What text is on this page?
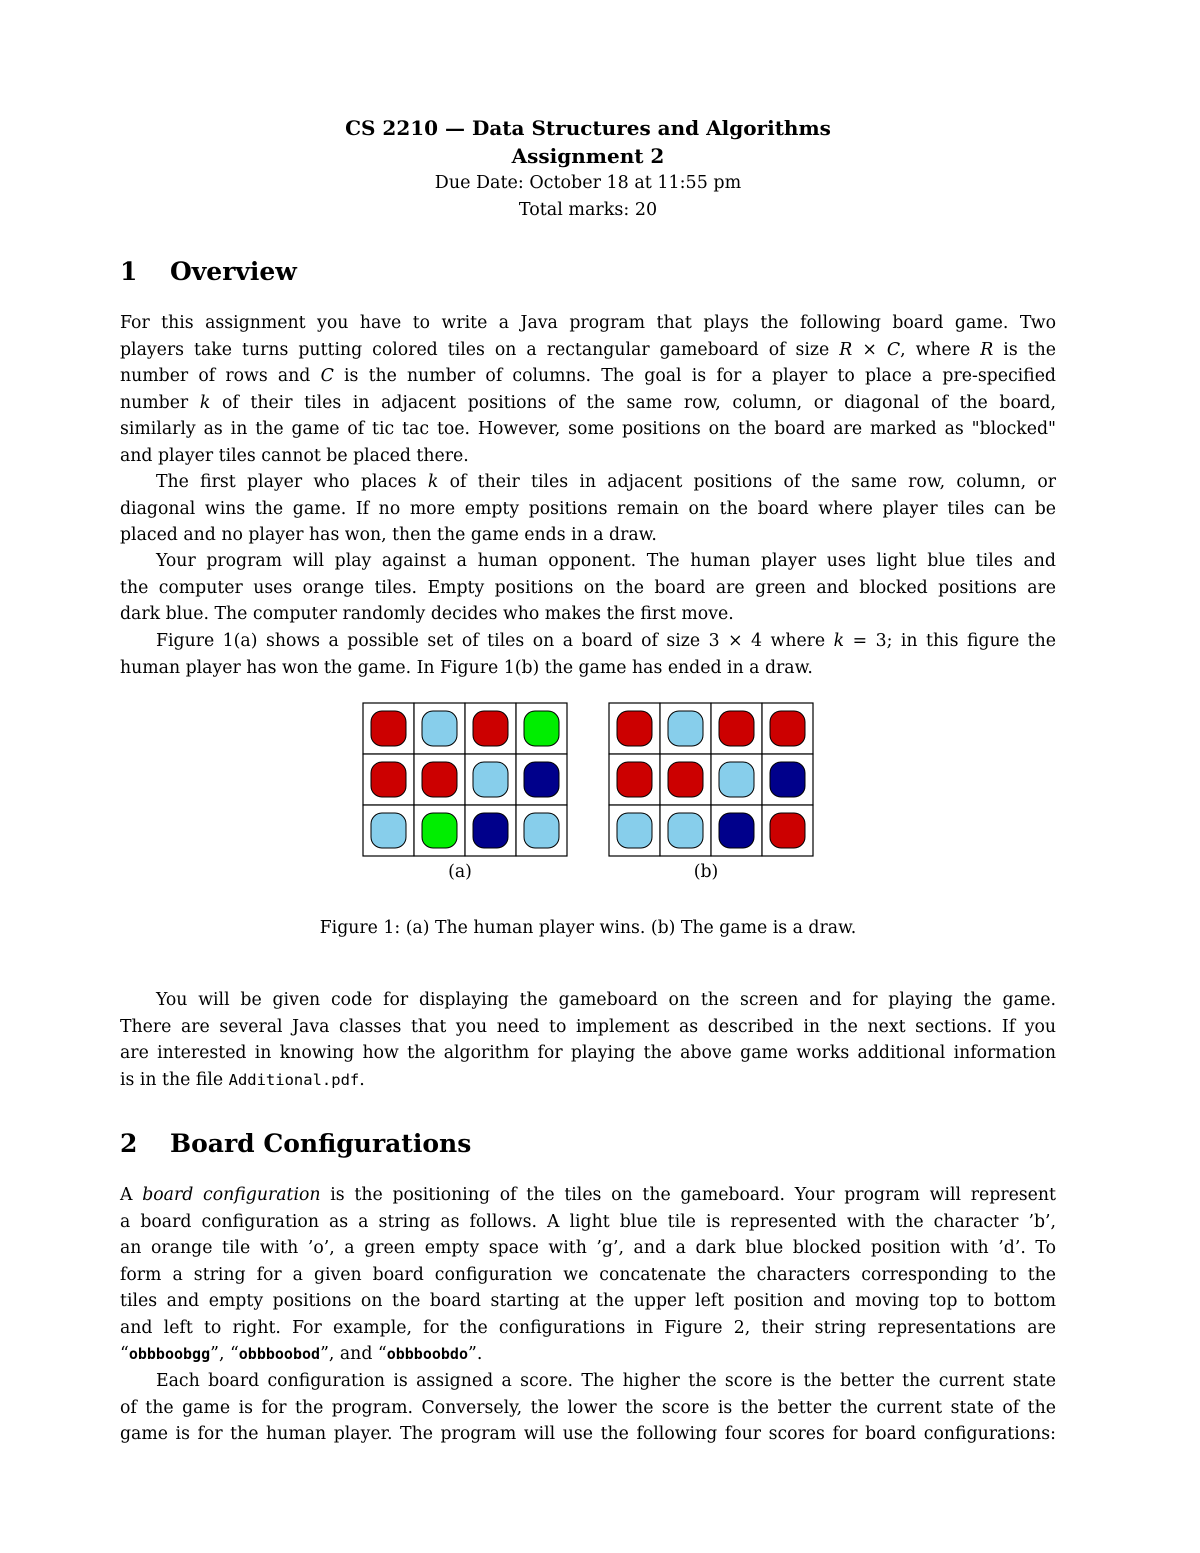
CS 2210 — Data Structures and Algorithms
Assignment 2
Due Date: October 18 at 11:55 pm
Total marks: 20
1 Overview
For this assignment you have to write a Java program that plays the following board game. Two
players take turns putting colored tiles on a rectangular gameboard of size R × C, where R is the
number of rows and C is the number of columns. The goal is for a player to place a pre-specified
number k of their tiles in adjacent positions of the same row, column, or diagonal of the board,
similarly as in the game of tic tac toe. However, some positions on the board are marked as "blocked"
and player tiles cannot be placed there.
The first player who places k of their tiles in adjacent positions of the same row, column, or
diagonal wins the game. If no more empty positions remain on the board where player tiles can be
placed and no player has won, then the game ends in a draw.
Your program will play against a human opponent. The human player uses light blue tiles and
the computer uses orange tiles. Empty positions on the board are green and blocked positions are
dark blue. The computer randomly decides who makes the first move.
Figure 1(a) shows a possible set of tiles on a board of size 3 × 4 where k = 3; in this figure the
human player has won the game. In Figure 1(b) the game has ended in a draw.
(a)	(b)
Figure 1: (a) The human player wins. (b) The game is a draw.
You will be given code for displaying the gameboard on the screen and for playing the game.
There are several Java classes that you need to implement as described in the next sections. If you
are interested in knowing how the algorithm for playing the above game works additional information
is in the file Additional.pdf.
2 Board Configurations
A board configuration is the positioning of the tiles on the gameboard. Your program will represent
a board configuration as a string as follows. A light blue tile is represented with the character ’b’,
an orange tile with ’o’, a green empty space with ’g’, and a dark blue blocked position with ’d’. To
form a string for a given board configuration we concatenate the characters corresponding to the
tiles and empty positions on the board starting at the upper left position and moving top to bottom
and left to right. For example, for the configurations in Figure 2, their string representations are
“obbboobgg”, “obbboobod”, and “obbboobdo”.
Each board configuration is assigned a score. The higher the score is the better the current state
of the game is for the program. Conversely, the lower the score is the better the current state of the
game is for the human player. The program will use the following four scores for board configurations:
